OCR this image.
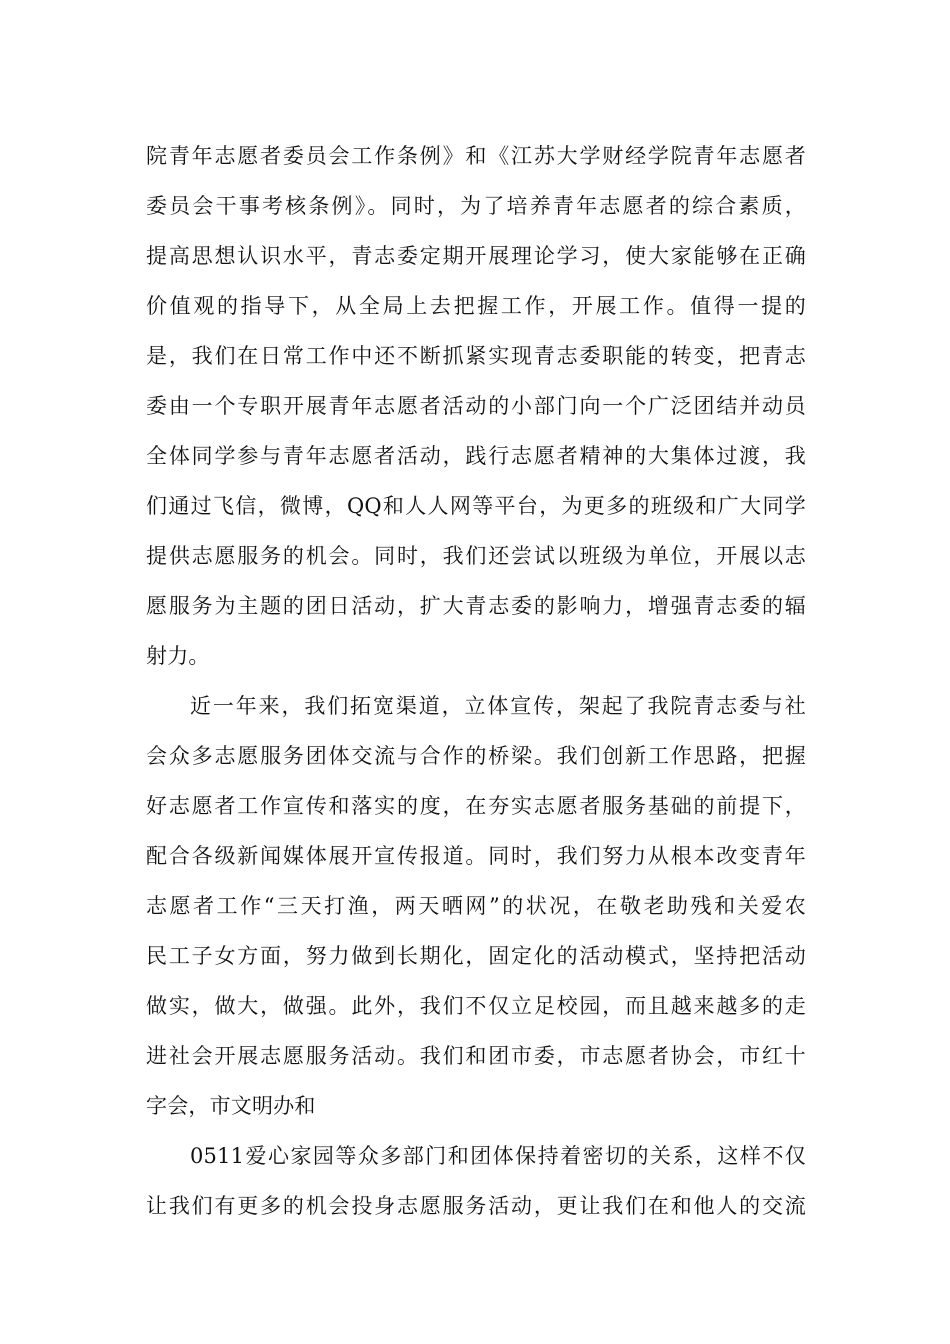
院青年志愿者委员会工作条例》和《江苏大学财经学院青年志愿者
委员会干事考核条例》。同时，为了培养青年志愿者的综合素质，
提高思想认识水平，青志委定期开展理论学习，使大家能够在正确
价值观的指导下，从全局上去把握工作，开展工作。值得一提的
是，我们在日常工作中还不断抓紧实现青志委职能的转变，把青志
委由一个专职开展青年志愿者活动的小部门向一个广泛团结并动员
全体同学参与青年志愿者活动，践行志愿者精神的大集体过渡，我
们通过飞信，微博，QQ和人人网等平台，为更多的班级和广大同学
提供志愿服务的机会。同时，我们还尝试以班级为单位，开展以志
愿服务为主题的团日活动，扩大青志委的影响力，增强青志委的辐
射力。
近一年来，我们拓宽渠道，立体宣传，架起了我院青志委与社
会众多志愿服务团体交流与合作的桥梁。我们创新工作思路，把握
好志愿者工作宣传和落实的度，在夯实志愿者服务基础的前提下，
配合各级新闻媒体展开宣传报道。同时，我们努力从根本改变青年
志愿者工作“三天打渔，两天晒网”的状况，在敬老助残和关爱农
民工子女方面，努力做到长期化，固定化的活动模式，坚持把活动
做实，做大，做强。此外，我们不仅立足校园，而且越来越多的走
进社会开展志愿服务活动。我们和团市委，市志愿者协会，市红十
字会，市文明办和
0511爱心家园等众多部门和团体保持着密切的关系，这样不仅
让我们有更多的机会投身志愿服务活动，更让我们在和他人的交流
